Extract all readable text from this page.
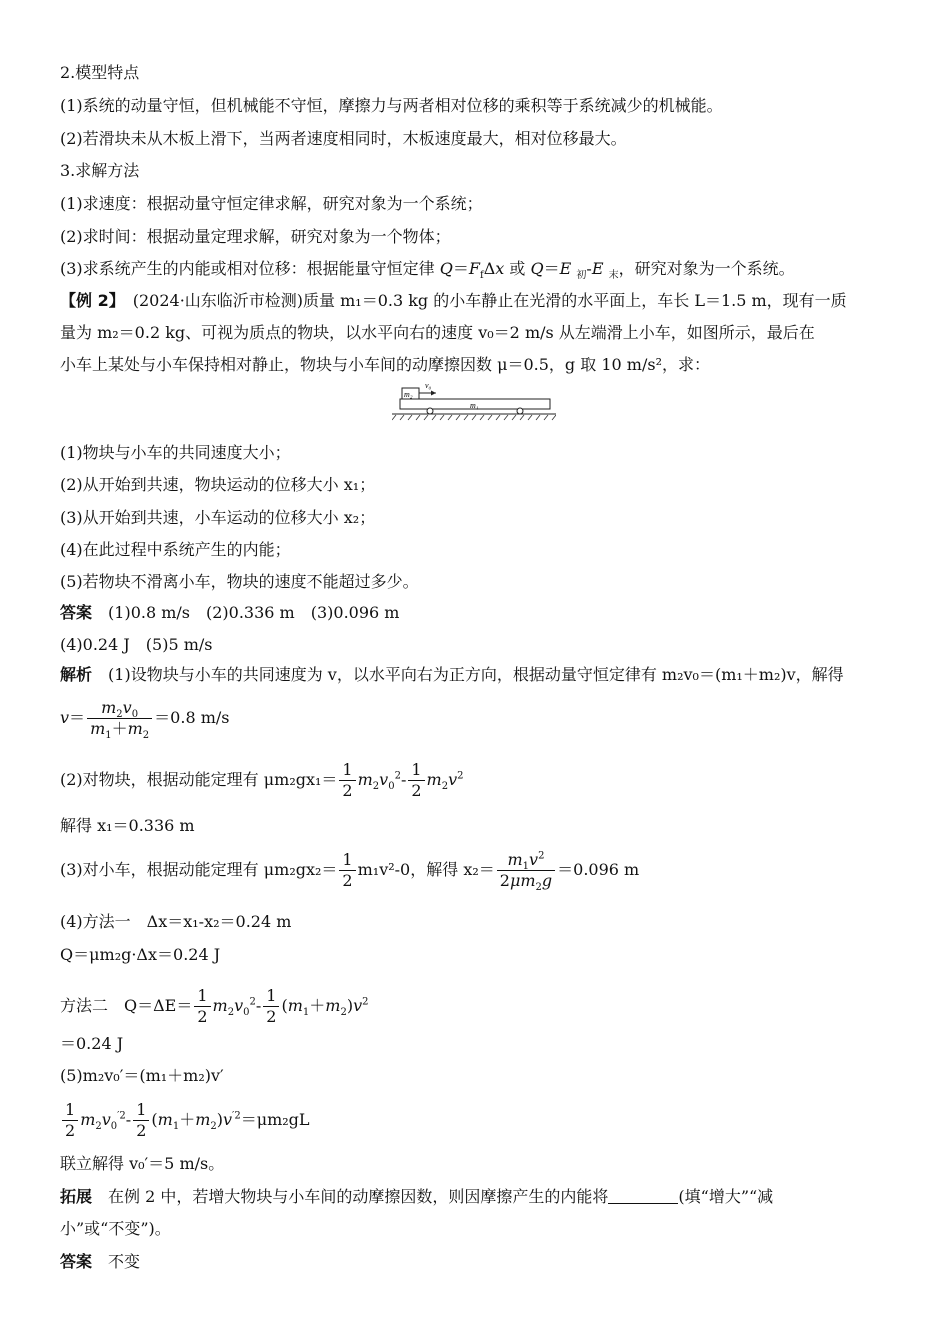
2.模型特点
(1)系统的动量守恒，但机械能不守恒，摩擦力与两者相对位移的乘积等于系统减少的机械能。
(2)若滑块未从木板上滑下，当两者速度相同时，木板速度最大，相对位移最大。
3.求解方法
(1)求速度：根据动量守恒定律求解，研究对象为一个系统；
(2)求时间：根据动量定理求解，研究对象为一个物体；
(3)求系统产生的内能或相对位移：根据能量守恒定律 $Q=F_f\Delta x$ 或 Q＝E $_初$-E $_末$，研究对象为一个系统。
【例 2】　 (2024·山东临沂市检测)质量 m₁＝0.3 kg 的小车静止在光滑的水平面上，车长 L＝1.5 m，现有一质
量为 m₂＝0.2 kg、可视为质点的物块，以水平向右的速度 v₀＝2 m/s 从左端滑上小车，如图所示，最后在
小车上某处与小车保持相对静止，物块与小车间的动摩擦因数 μ＝0.5，g 取 10 m/s²，求：
m₂
v₀
m₁
(1)物块与小车的共同速度大小；
(2)从开始到共速，物块运动的位移大小 x₁；
(3)从开始到共速，小车运动的位移大小 x₂；
(4)在此过程中系统产生的内能；
(5)若物块不滑离小车，物块的速度不能超过多少。
答案　 (1)0.8 m/s　(2)0.336 m　(3)0.096 m
(4)0.24 J　(5)5 m/s
解析　 (1)设物块与小车的共同速度为 v，以水平向右为正方向，根据动量守恒定律有 m₂v₀＝(m₁＋m₂)v，解得
$v= \frac{m_2v_0}{m_1+m_2} =0.8$ m/s
(2)对物块，根据动能定理有 $\mu m_2gx_1= \frac{1}{2} m_2v_0^2- \frac{1}{2} m_2v^2$
解得 x₁＝0.336 m
(3)对小车，根据动能定理有 $\mu m_2gx_2= \frac{1}{2} m_1v^2-0$，解得 $x_2= \frac{m_1v^2}{2\mu m_2g} =0.096$ m
(4)方法一　Δx＝x₁-x₂＝0.24 m
Q＝μm₂g·Δx＝0.24 J
方法二　$Q=\Delta E= \frac{1}{2} m_2v_0^2- \frac{1}{2} (m_1+m_2)v^2$
＝0.24 J
(5)m₂v₀′＝(m₁＋m₂)v′
$\frac{1}{2} m_2v_0^{'2}- \frac{1}{2} (m_1+m_2)v^{'2}=\mu m_2gL$
联立解得 v₀′＝5 m/s。
拓展　 在例 2 中，若增大物块与小车间的动摩擦因数，则因摩擦产生的内能将	(填“增大”“减
小”或“不变”)。
答案　 不变
